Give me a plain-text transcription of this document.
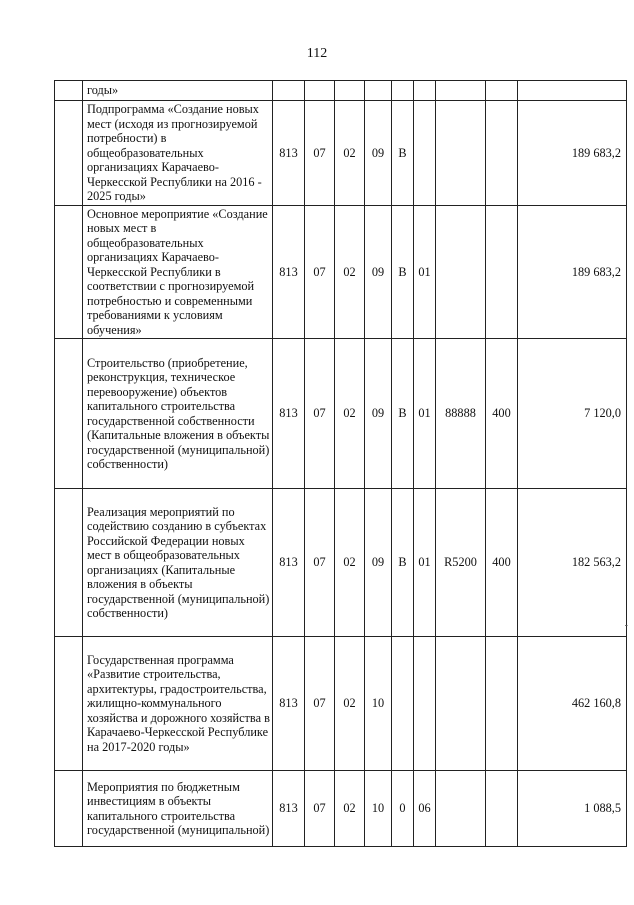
112
	годы»									
	Подпрограмма «Создание новых мест (исходя из прогнозируемой потребности) в общеобразовательных организациях Карачаево-Черкесской Республики на 2016 - 2025 годы»	813	07	02	09	В				189 683,2
	Основное мероприятие «Создание новых мест в общеобразовательных организациях Карачаево-Черкесской Республики в соответствии с прогнозируемой потребностью и современными требованиями к условиям обучения»	813	07	02	09	В	01			189 683,2
	Строительство (приобретение, реконструкция, техническое перевооружение) объектов капитального строительства государственной собственности (Капитальные вложения в объекты государственной (муниципальной) собственности)	813	07	02	09	В	01	88888	400	7 120,0
	Реализация мероприятий по содействию созданию в субъектах Российской Федерации новых мест в общеобразовательных организациях (Капитальные вложения в объекты государственной (муниципальной) собственности)	813	07	02	09	В	01	R5200	400	182 563,2
	Государственная программа «Развитие строительства, архитектуры, градостроительства, жилищно-коммунального хозяйства и дорожного хозяйства в Карачаево-Черкесской Республике на 2017-2020 годы»	813	07	02	10					462 160,8
	Мероприятия по бюджетным инвестициям в объекты капитального строительства государственной (муниципальной)	813	07	02	10	0	06			1 088,5
-
